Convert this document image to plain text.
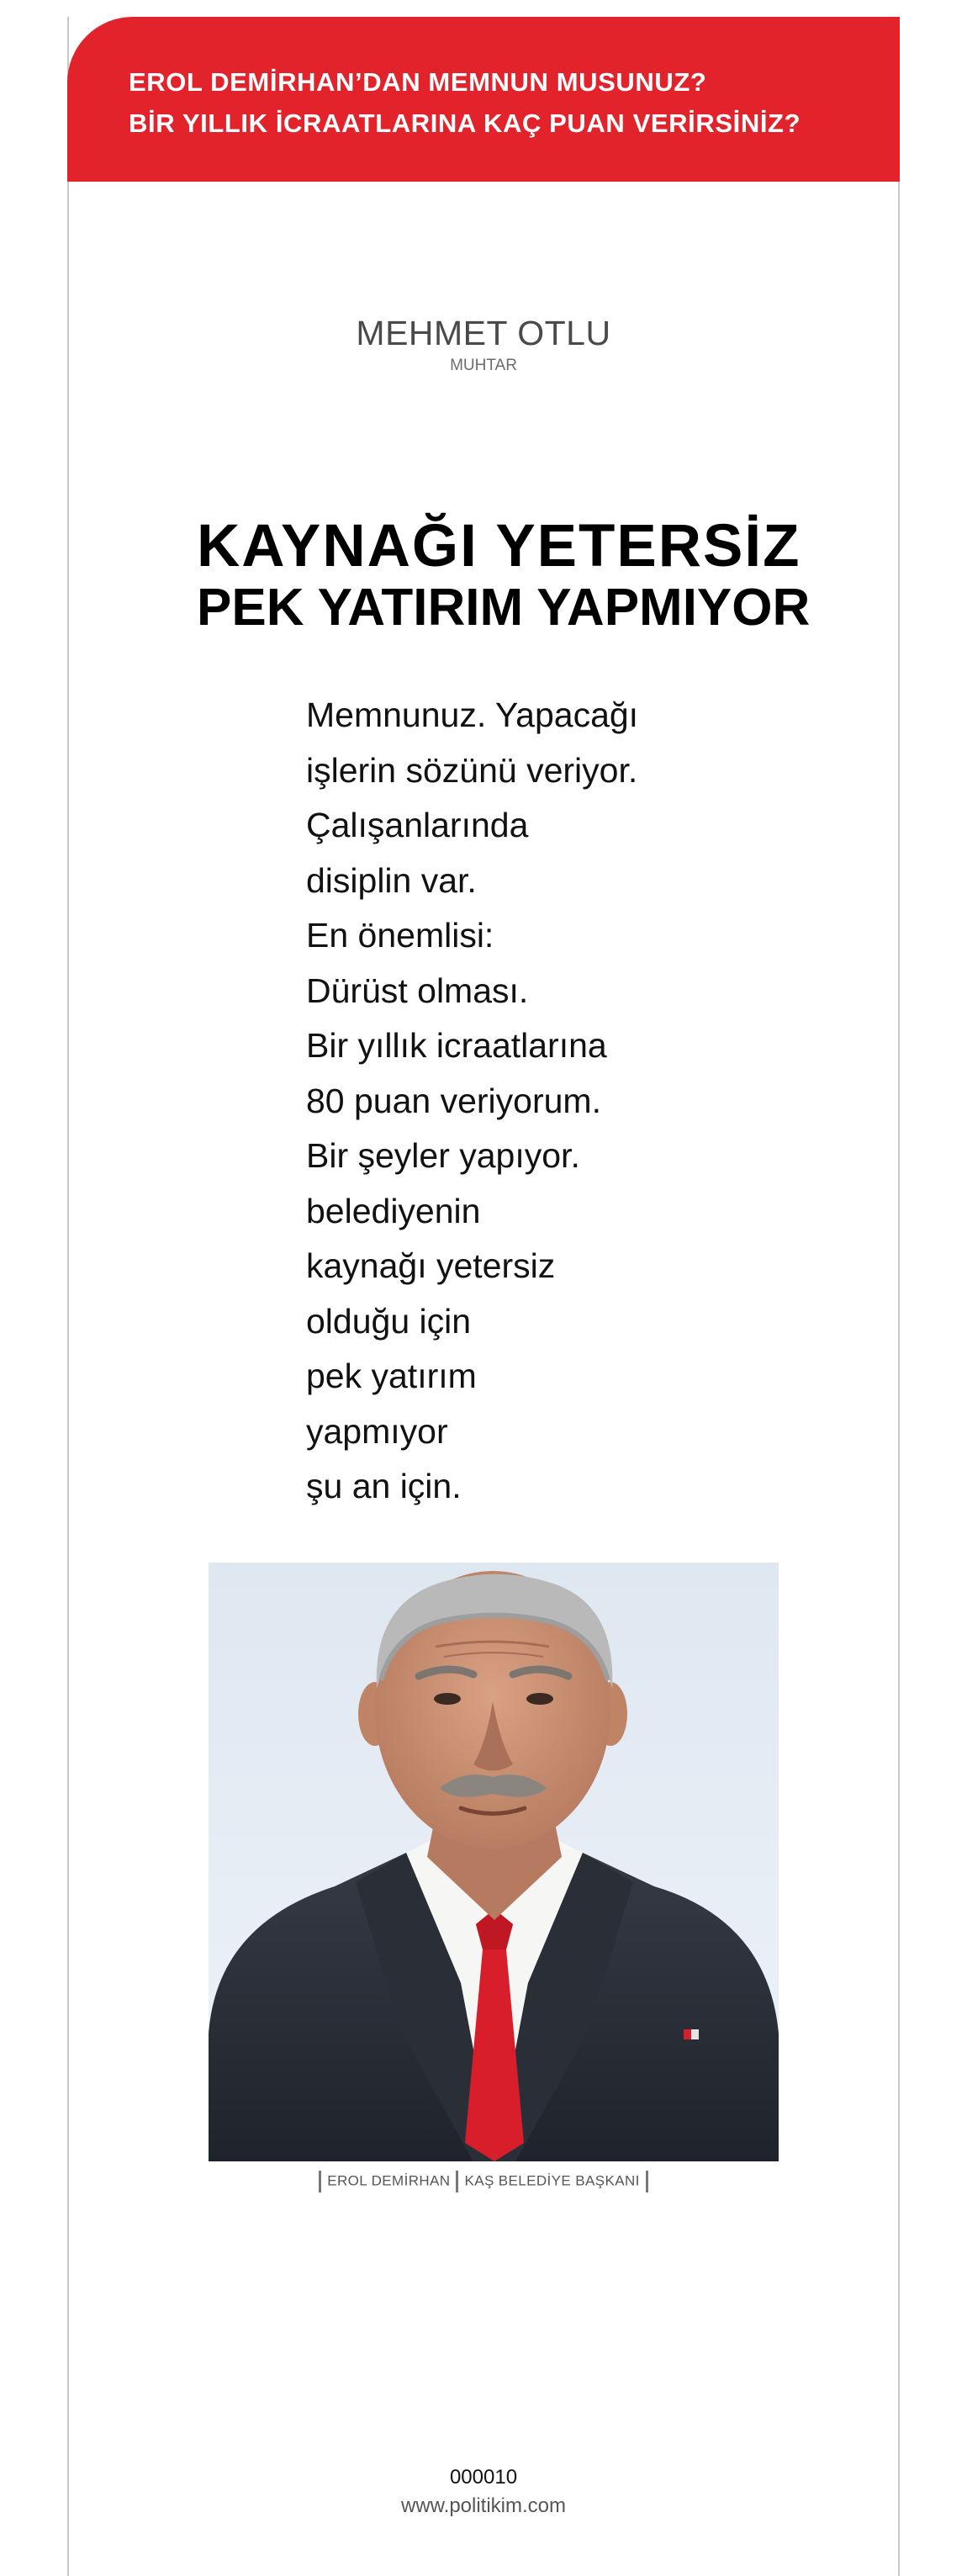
EROL DEMİRHAN’DAN MEMNUN MUSUNUZ?
BİR YILLIK İCRAATLARINA KAÇ PUAN VERİRSİNİZ?
MEHMET OTLU
MUHTAR
KAYNAĞI YETERSİZ
PEK YATIRIM YAPMIYOR
Memnunuz. Yapacağı
işlerin sözünü veriyor.
Çalışanlarında
disiplin var.
En önemlisi:
Dürüst olması.
Bir yıllık icraatlarına
80 puan veriyorum.
Bir şeyler yapıyor.
belediyenin
kaynağı yetersiz
olduğu için
pek yatırım
yapmıyor
şu an için.
EROL DEMİRHAN KAŞ BELEDİYE BAŞKANI
000010
www.politikim.com
